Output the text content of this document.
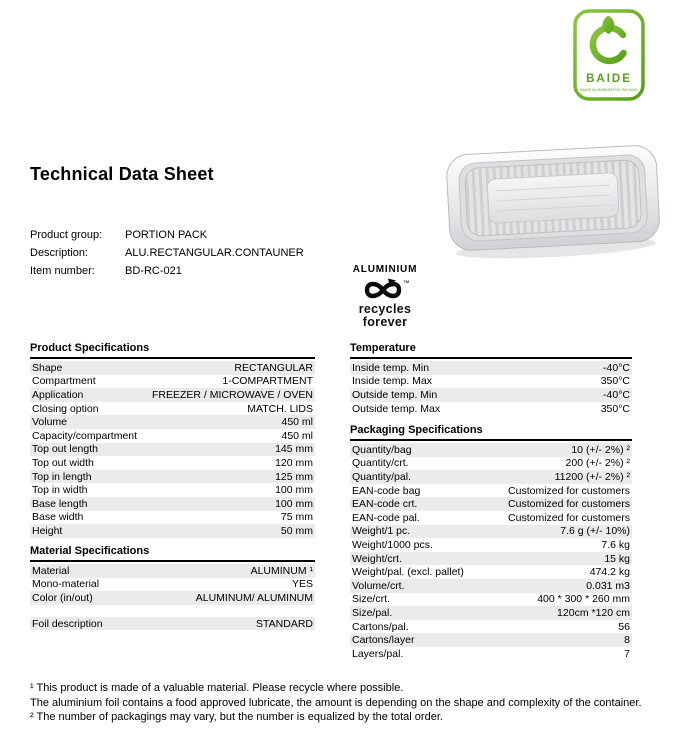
BAIDE
BAIDE ALUMINIUM FOIL PACKING
Technical Data Sheet
Product group:	PORTION PACK
Description:	ALU.RECTANGULAR.CONTAUNER
Item number:	BD-RC-021	ALUMINIUM
™
recycles
forever
Product Specifications
Shape	RECTANGULAR
Compartment	1-COMPARTMENT
Application	FREEZER / MICROWAVE / OVEN
Closing option	MATCH. LIDS
Volume	450 ml
Capacity/compartment	450 ml
Top out length	145 mm
Top out width	120 mm
Top in length	125 mm
Top in width	100 mm
Base length	100 mm
Base width	75 mm
Height	50 mm
Material Specifications
Material	ALUMINUM ¹
Mono-material	YES
Color (in/out)	ALUMINUM/ ALUMINUM
Foil description	STANDARD
Temperature
Inside temp. Min	-40°C
Inside temp. Max	350°C
Outside temp. Min	-40°C
Outside temp. Max	350°C
Packaging Specifications
Quantity/bag	10 (+/- 2%) ²
Quantity/crt.	200 (+/- 2%) ²
Quantity/pal.	11200 (+/- 2%) ²
EAN-code bag	Customized for customers
EAN-code crt.	Customized for customers
EAN-code pal.	Customized for customers
Weight/1 pc.	7.6 g (+/- 10%)
Weight/1000 pcs.	7.6 kg
Weight/crt.	15 kg
Weight/pal. (excl. pallet)	474.2 kg
Volume/crt.	0.031 m3
Size/crt.	400 * 300 * 260 mm
Size/pal.	120cm *120 cm
Cartons/pal.	56
Cartons/layer	8
Layers/pal.	7
¹ This product is made of a valuable material. Please recycle where possible.
The aluminium foil contains a food approved lubricate, the amount is depending on the shape and complexity of the container.
² The number of packagings may vary, but the number is equalized by the total order.
